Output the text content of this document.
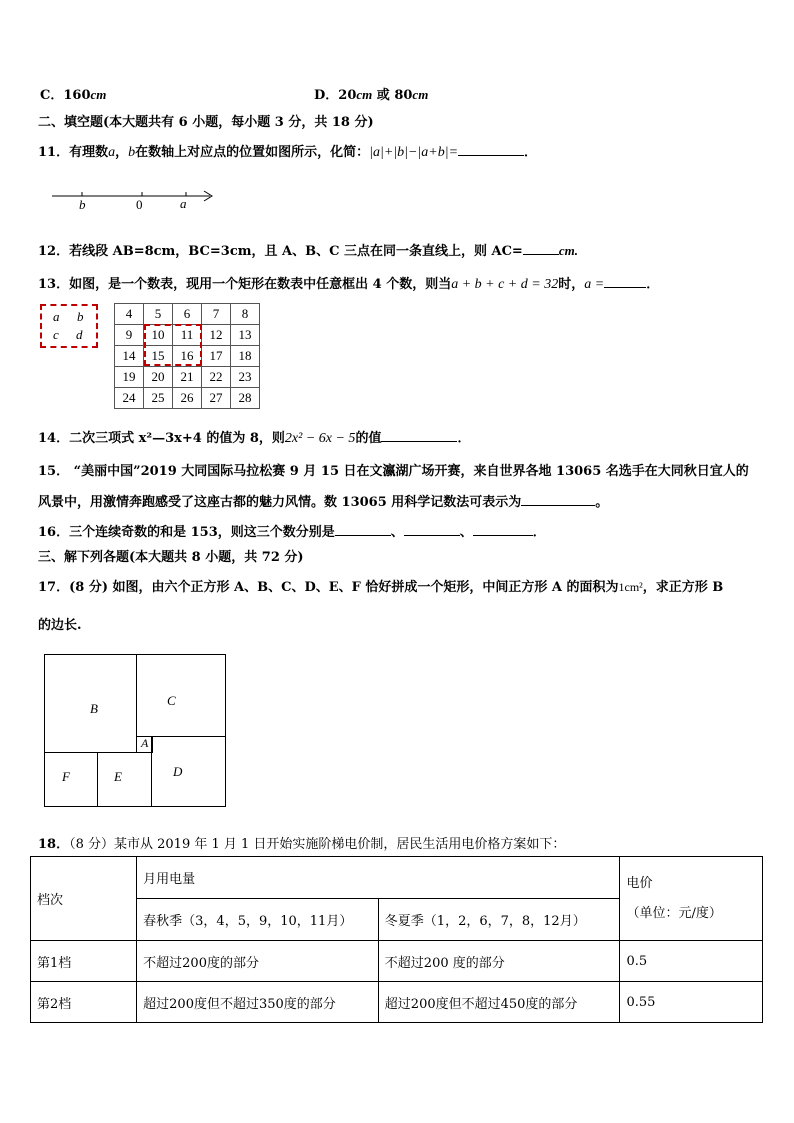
C．160cm	D．20cm 或 80cm
二、填空题(本大题共有 6 小题，每小题 3 分，共 18 分)
11．有理数a，b在数轴上对应点的位置如图所示，化简：|a|+|b|−|a+b|=	．
b	0	a
12．若线段 AB=8cm，BC=3cm，且 A、B、C 三点在同一条直线上，则 AC=	cm.
13．如图，是一个数表，现用一个矩形在数表中任意框出 4 个数，则当a + b + c + d = 32时，a =	．
a b
c d
4	5	6	7	8
9	10	11	12	13
14	15	16	17	18
19	20	21	22	23
24	25	26	27	28
14．二次三项式 x²—3x+4 的值为 8，则2x² − 6x − 5的值	．
15． “美丽中国”2019 大同国际马拉松赛 9 月 15 日在文瀛湖广场开赛，来自世界各地 13065 名选手在大同秋日宜人的
风景中，用激情奔跑感受了这座古都的魅力风情。数 13065 用科学记数法可表示为	。
16．三个连续奇数的和是 153，则这三个数分别是	、	、	．
三、解下列各题(本大题共 8 小题，共 72 分)
17．(8 分) 如图，由六个正方形 A、B、C、D、E、F 恰好拼成一个矩形，中间正方形 A 的面积为1cm²，求正方形 B
的边长.
B
C
A
D
E
F
18．（8 分）某市从 2019 年 1 月 1 日开始实施阶梯电价制，居民生活用电价格方案如下：
档次	月用电量		电价
（单位：元/度）

	春秋季（3，4，5，9，10，11月）	冬夏季（1，2，6，7，8，12月）	
第1档	不超过200度的部分	不超过200 度的部分	0.5
第2档	超过200度但不超过350度的部分	超过200度但不超过450度的部分	0.55
